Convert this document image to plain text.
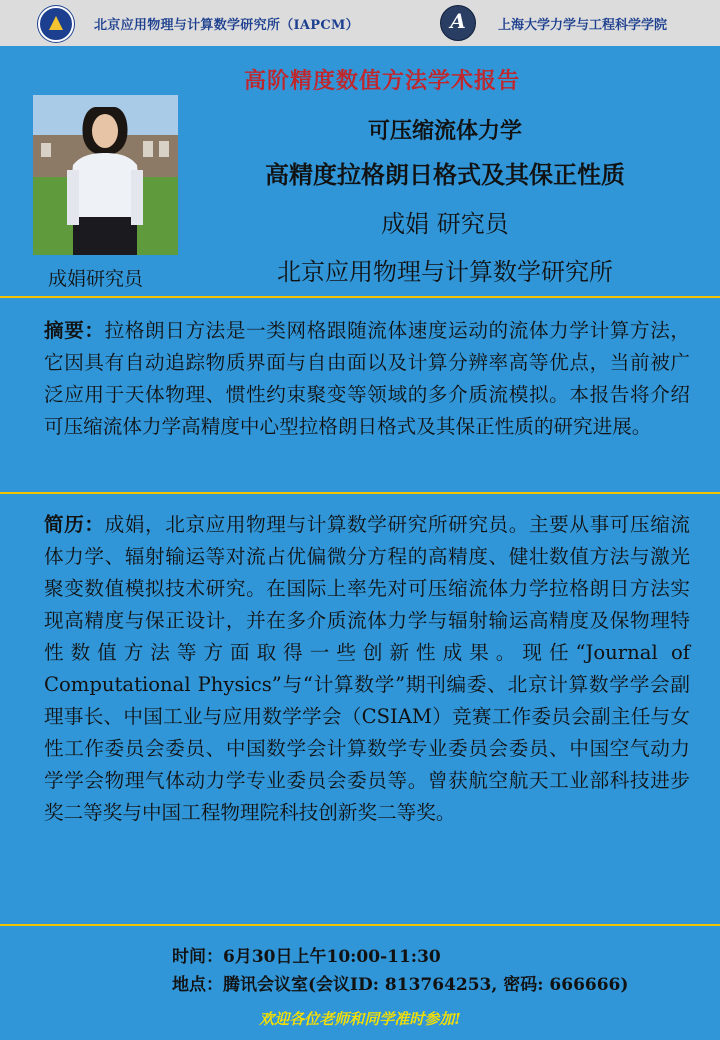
北京应用物理与计算数学研究所（IAPCM）	A	上海大学力学与工程科学学院
高阶精度数值方法学术报告
成娟研究员
可压缩流体力学
高精度拉格朗日格式及其保正性质
成娟 研究员
北京应用物理与计算数学研究所
摘要：拉格朗日方法是一类网格跟随流体速度运动的流体力学计算方法，它因具有自动追踪物质界面与自由面以及计算分辨率高等优点，当前被广泛应用于天体物理、惯性约束聚变等领域的多介质流模拟。本报告将介绍可压缩流体力学高精度中心型拉格朗日格式及其保正性质的研究进展。
简历：成娟，北京应用物理与计算数学研究所研究员。主要从事可压缩流体力学、辐射输运等对流占优偏微分方程的高精度、健壮数值方法与激光聚变数值模拟技术研究。在国际上率先对可压缩流体力学拉格朗日方法实现高精度与保正设计，并在多介质流体力学与辐射输运高精度及保物理特性数值方法等方面取得一些创新性成果。现任“Journal of Computational Physics”与“计算数学”期刊编委、北京计算数学学会副理事长、中国工业与应用数学学会（CSIAM）竞赛工作委员会副主任与女性工作委员会委员、中国数学会计算数学专业委员会委员、中国空气动力学学会物理气体动力学专业委员会委员等。曾获航空航天工业部科技进步奖二等奖与中国工程物理院科技创新奖二等奖。
时间：6月30日上午10:00-11:30
地点：腾讯会议室(会议ID: 813764253, 密码: 666666)
欢迎各位老师和同学准时参加!
